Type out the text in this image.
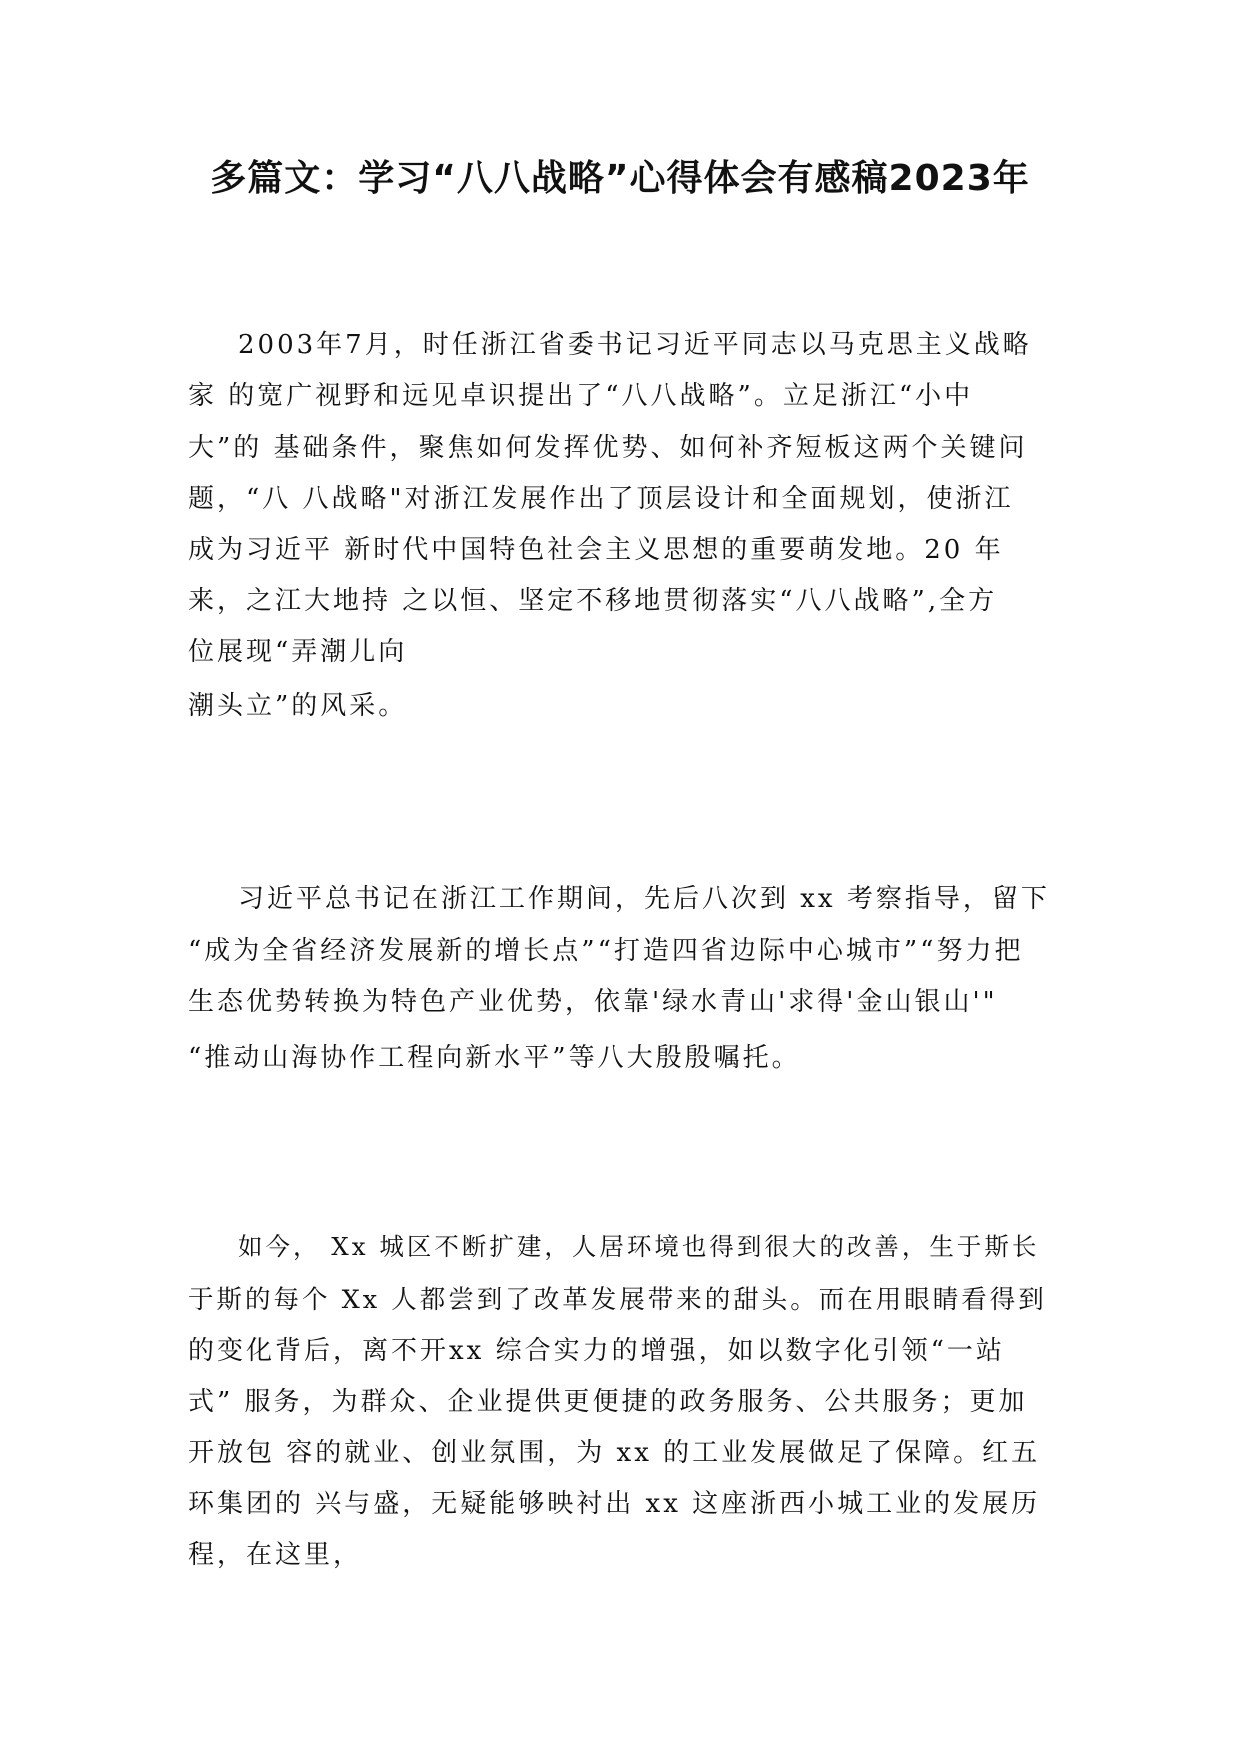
多篇文：学习“八八战略”心得体会有感稿2023年

2003年7月，时任浙江省委书记习近平同志以马克思主义战略

家 的宽广视野和远见卓识提出了“八八战略”。立足浙江“小中

大”的 基础条件，聚焦如何发挥优势、如何补齐短板这两个关键问

题，“八 八战略"对浙江发展作出了顶层设计和全面规划，使浙江

成为习近平 新时代中国特色社会主义思想的重要萌发地。20 年

来，之江大地持 之以恒、坚定不移地贯彻落实“八八战略”,全方

位展现“弄潮儿向

潮头立”的风采。

习近平总书记在浙江工作期间，先后八次到 xx 考察指导，留下

“成为全省经济发展新的增长点”“打造四省边际中心城市”“努力把

生态优势转换为特色产业优势，依靠'绿水青山'求得'金山银山'"

“推动山海协作工程向新水平”等八大殷殷嘱托。

如今， Xx 城区不断扩建，人居环境也得到很大的改善，生于斯长

于斯的每个 Xx 人都尝到了改革发展带来的甜头。而在用眼睛看得到

的变化背后，离不开xx 综合实力的增强，如以数字化引领“一站

式” 服务，为群众、企业提供更便捷的政务服务、公共服务；更加

开放包 容的就业、创业氛围，为 xx 的工业发展做足了保障。红五

环集团的 兴与盛，无疑能够映衬出 xx 这座浙西小城工业的发展历

程，在这里，
